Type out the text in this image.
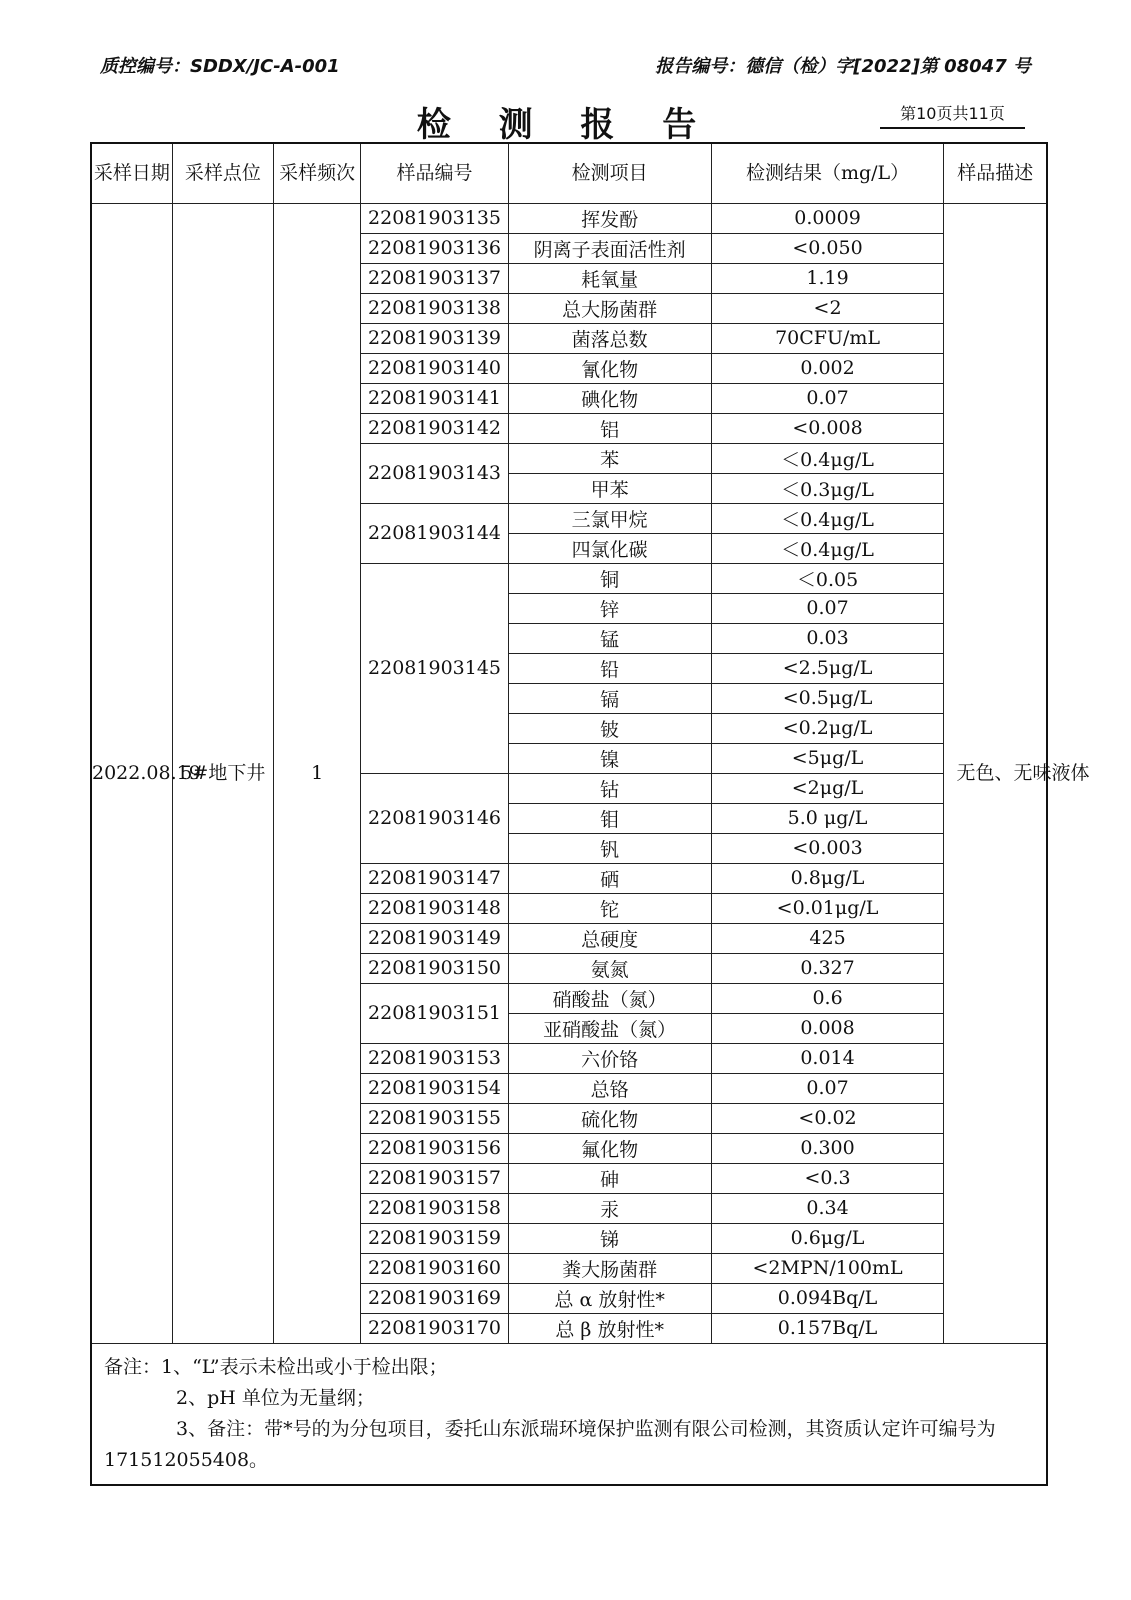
质控编号：SDDX/JC-A-001	报告编号：德信（检）字[2022]第 08047 号
检 测 报 告	第10页共11页
采样日期	采样点位	采样频次	样品编号	检测项目	检测结果（mg/L）	样品描述
2022.08.19	5#地下井	1	22081903135	挥发酚	0.0009	无色、无味液体
			22081903136	阴离子表面活性剂	<0.050	
			22081903137	耗氧量	1.19	
			22081903138	总大肠菌群	<2	
			22081903139	菌落总数	70CFU/mL	
			22081903140	氰化物	0.002	
			22081903141	碘化物	0.07	
			22081903142	铝	<0.008	
			22081903143	苯	＜0.4μg/L	
				甲苯	＜0.3μg/L	
			22081903144	三氯甲烷	＜0.4μg/L	
				四氯化碳	＜0.4μg/L	
			22081903145	铜	＜0.05	
				锌	0.07	
				锰	0.03	
				铅	<2.5μg/L	
				镉	<0.5μg/L	
				铍	<0.2μg/L	
				镍	<5μg/L	
			22081903146	钴	<2μg/L	
				钼	5.0 μg/L	
				钒	<0.003	
			22081903147	硒	0.8μg/L	
			22081903148	铊	<0.01μg/L	
			22081903149	总硬度	425	
			22081903150	氨氮	0.327	
			22081903151	硝酸盐（氮）	0.6	
				亚硝酸盐（氮）	0.008	
			22081903153	六价铬	0.014	
			22081903154	总铬	0.07	
			22081903155	硫化物	<0.02	
			22081903156	氟化物	0.300	
			22081903157	砷	<0.3	
			22081903158	汞	0.34	
			22081903159	锑	0.6μg/L	
			22081903160	粪大肠菌群	<2MPN/100mL	
			22081903169	总 α 放射性*	0.094Bq/L	
			22081903170	总 β 放射性*	0.157Bq/L	

备注：1、“L”表示未检出或小于检出限；
2、pH 单位为无量纲；
3、备注：带*号的为分包项目，委托山东派瑞环境保护监测有限公司检测，其资质认定许可编号为 171512055408。						
